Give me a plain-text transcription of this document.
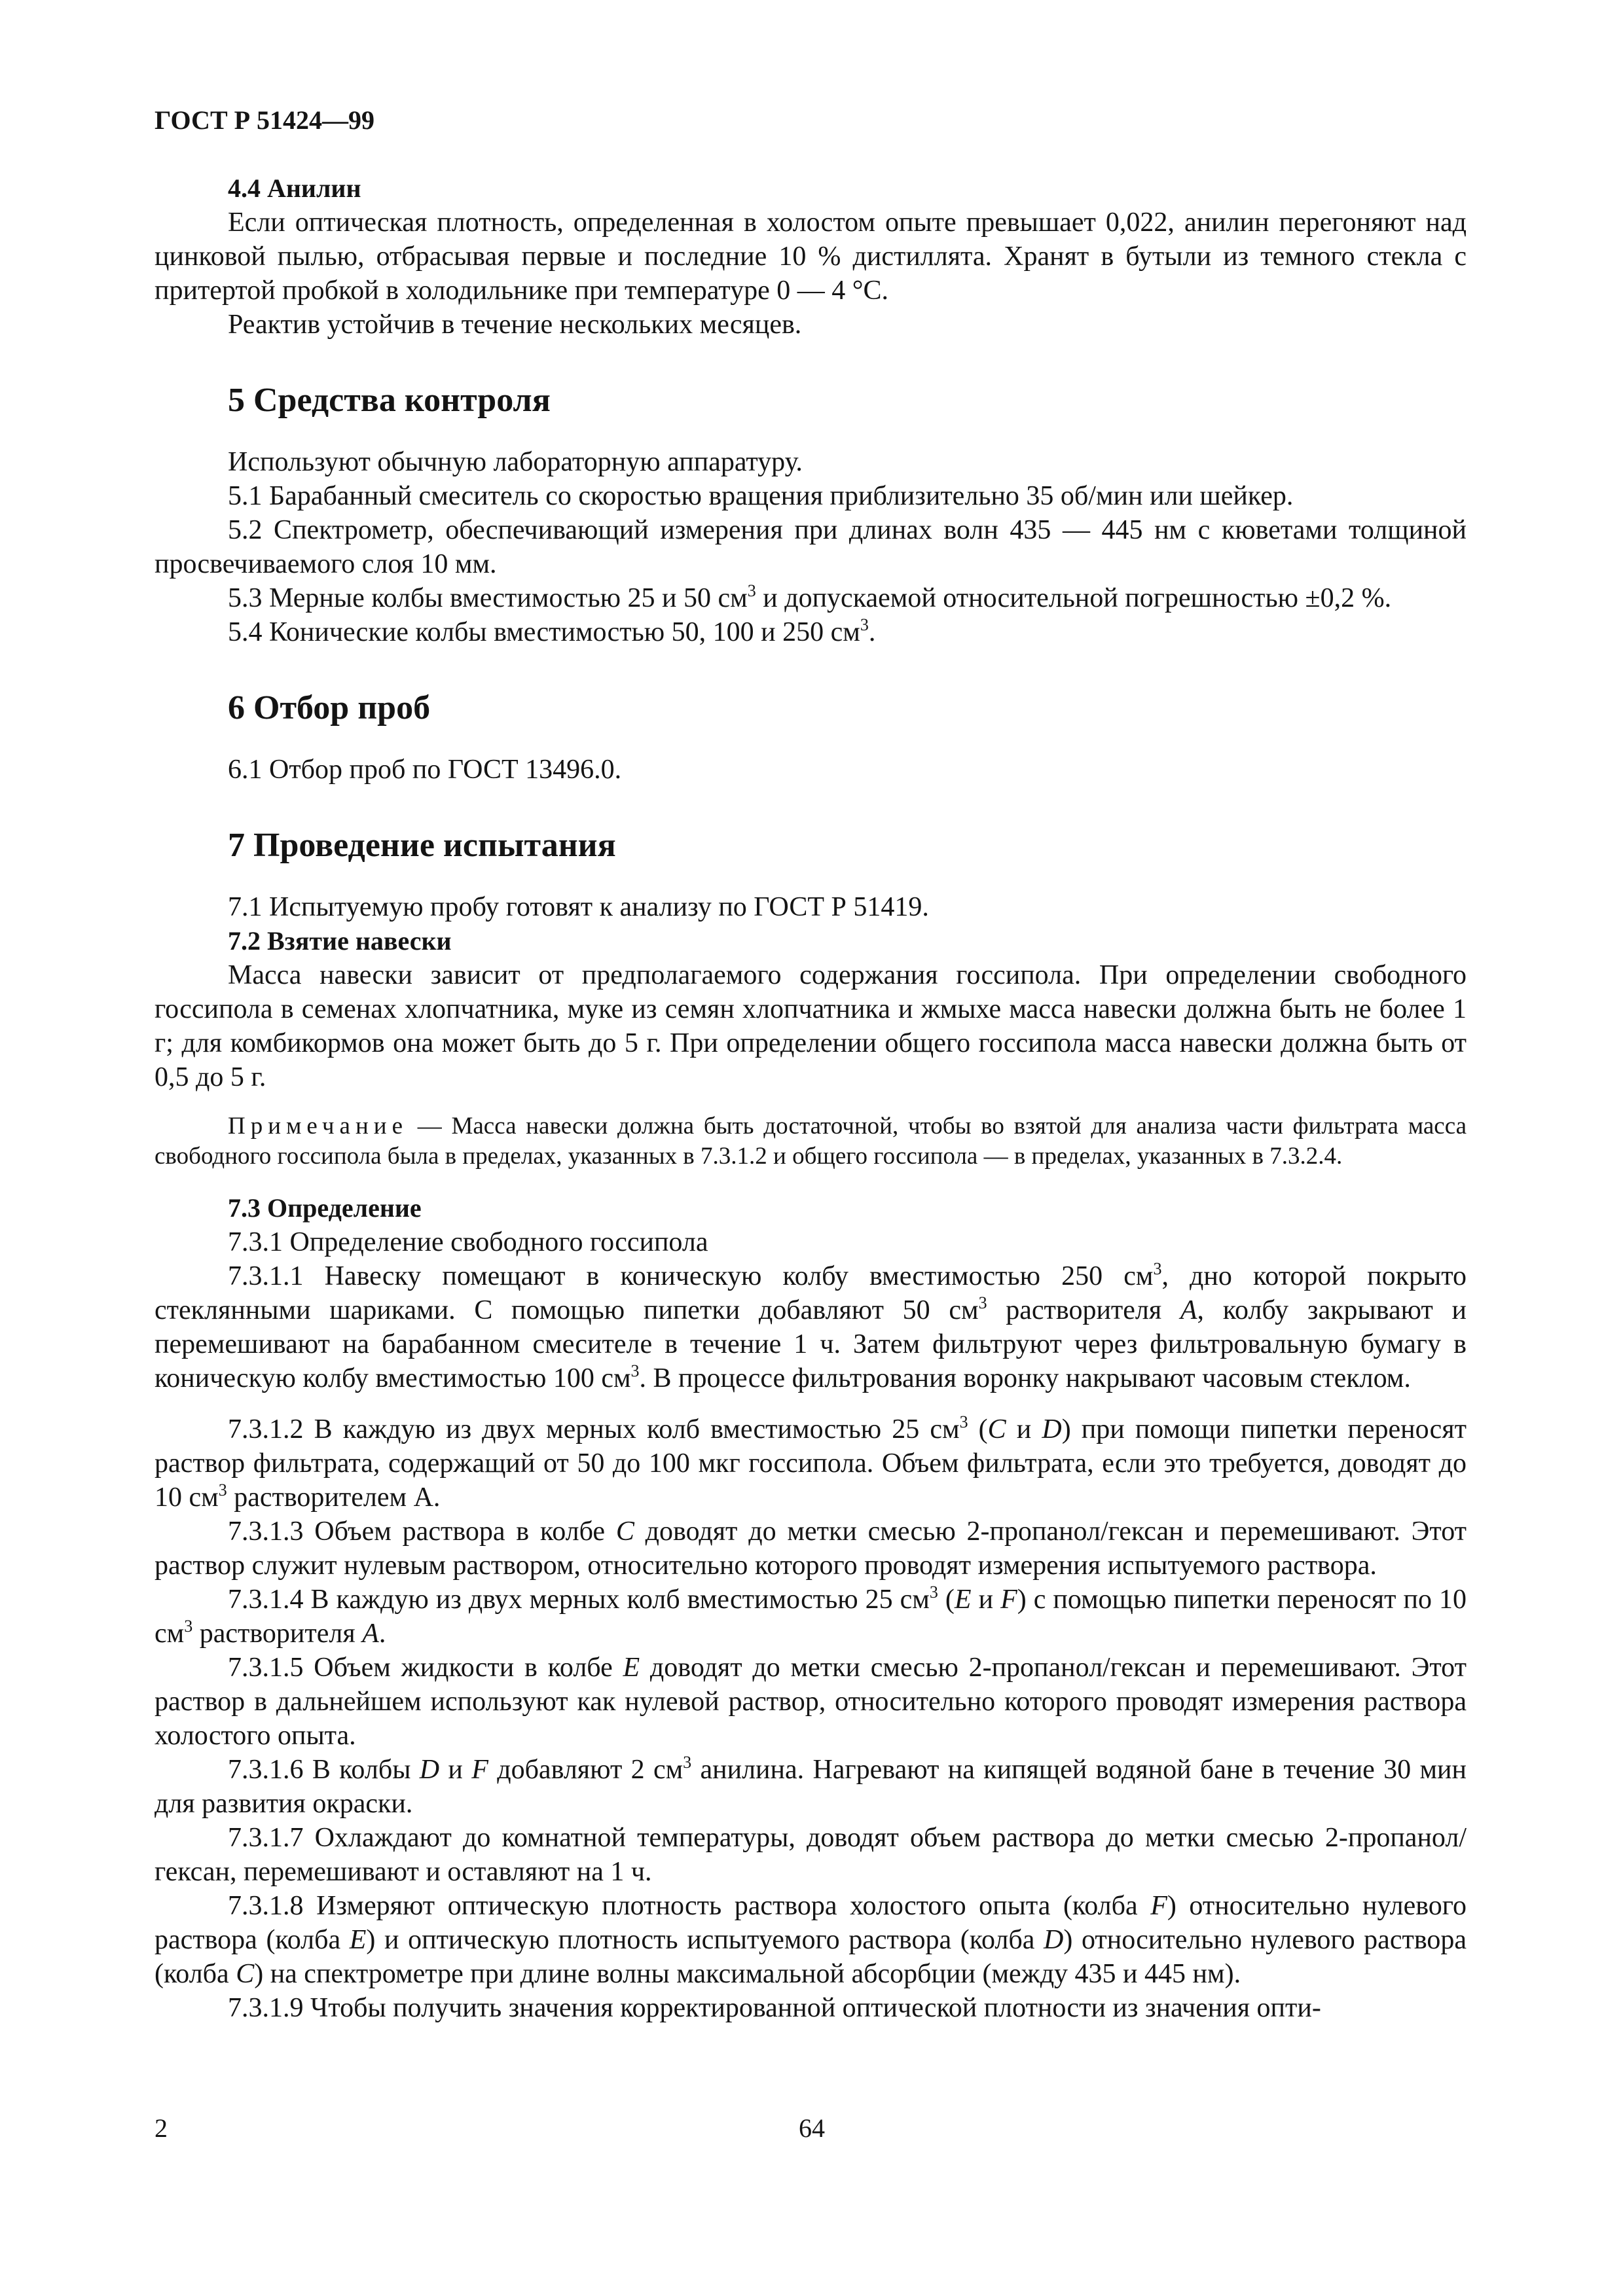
ГОСТ Р 51424—99

4.4 Анилин

Если оптическая плотность, определенная в холостом опыте превышает 0,022, анилин перегоняют над цинковой пылью, отбрасывая первые и последние 10 % дистиллята. Хранят в бутыли из темного стекла с притертой пробкой в холодильнике при температуре 0 — 4 °С.

Реактив устойчив в течение нескольких месяцев.

5 Средства контроля

Используют обычную лабораторную аппаратуру.

5.1 Барабанный смеситель со скоростью вращения приблизительно 35 об/мин или шейкер.

5.2 Спектрометр, обеспечивающий измерения при длинах волн 435 — 445 нм с кюветами толщиной просвечиваемого слоя 10 мм.

5.3 Мерные колбы вместимостью 25 и 50 $см^3$ и допускаемой относительной погрешностью ±0,2 %.

5.4 Конические колбы вместимостью 50, 100 и 250 $см^3$.

6 Отбор проб

6.1 Отбор проб по ГОСТ 13496.0.

7 Проведение испытания

7.1 Испытуемую пробу готовят к анализу по ГОСТ Р 51419.

7.2 Взятие навески

Масса навески зависит от предполагаемого содержания госсипола. При определении свободного госсипола в семенах хлопчатника, муке из семян хлопчатника и жмыхе масса навески должна быть не более 1 г; для комбикормов она может быть до 5 г. При определении общего госсипола масса навески должна быть от 0,5 до 5 г.

Примечание — Масса навески должна быть достаточной, чтобы во взятой для анализа части фильтрата масса свободного госсипола была в пределах, указанных в 7.3.1.2 и общего госсипола — в пределах, указанных в 7.3.2.4.

7.3 Определение

7.3.1 Определение свободного госсипола

7.3.1.1 Навеску помещают в коническую колбу вместимостью 250 $см^3$, дно которой покрыто стеклянными шариками. С помощью пипетки добавляют 50 $см^3$ растворителя A, колбу закрывают и перемешивают на барабанном смесителе в течение 1 ч. Затем фильтруют через фильтровальную бумагу в коническую колбу вместимостью 100 $см^3$. В процессе фильтрования воронку накрывают часовым стеклом.

7.3.1.2 В каждую из двух мерных колб вместимостью 25 $см^3$ (C и D) при помощи пипетки переносят раствор фильтрата, содержащий от 50 до 100 мкг госсипола. Объем фильтрата, если это требуется, доводят до 10 $см^3$ растворителем А.

7.3.1.3 Объем раствора в колбе C доводят до метки смесью 2-пропанол/гексан и перемешивают. Этот раствор служит нулевым раствором, относительно которого проводят измерения испытуемого раствора.

7.3.1.4 В каждую из двух мерных колб вместимостью 25 $см^3$ (E и F) с помощью пипетки переносят по 10 $см^3$ растворителя A.

7.3.1.5 Объем жидкости в колбе E доводят до метки смесью 2-пропанол/гексан и перемешивают. Этот раствор в дальнейшем используют как нулевой раствор, относительно которого проводят измерения раствора холостого опыта.

7.3.1.6 В колбы D и F добавляют 2 $см^3$ анилина. Нагревают на кипящей водяной бане в течение 30 мин для развития окраски.

7.3.1.7 Охлаждают до комнатной температуры, доводят объем раствора до метки смесью 2-пропанол/гексан, перемешивают и оставляют на 1 ч.

7.3.1.8 Измеряют оптическую плотность раствора холостого опыта (колба F) относительно нулевого раствора (колба E) и оптическую плотность испытуемого раствора (колба D) относительно нулевого раствора (колба C) на спектрометре при длине волны максимальной абсорбции (между 435 и 445 нм).

7.3.1.9 Чтобы получить значения корректированной оптической плотности из значения опти-

2	64
